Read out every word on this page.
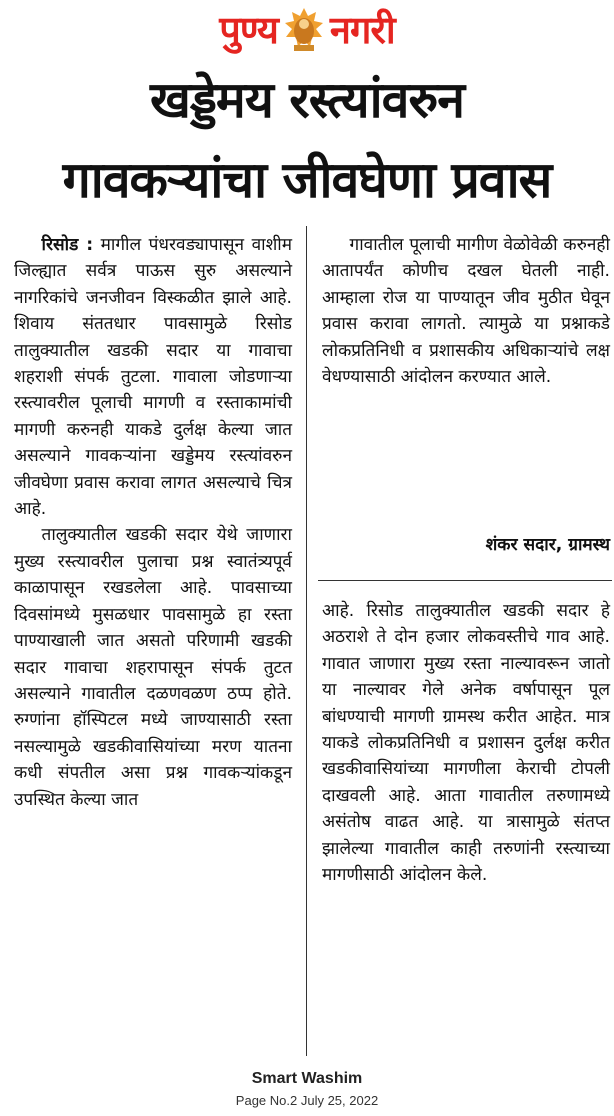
पुण्य नगरी
खड्डेमय रस्त्यांवरुन
गावकऱ्यांचा जीवघेणा प्रवास

रिसोड : मागील पंधरवड्यापासून वाशीम जिल्ह्यात सर्वत्र पाऊस सुरु असल्याने नागरिकांचे जनजीवन विस्कळीत झाले आहे. शिवाय संततधार पावसामुळे रिसोड तालुक्यातील खडकी सदार या गावाचा शहराशी संपर्क तुटला. गावाला जोडणाऱ्या रस्त्यावरील पूलाची मागणी व रस्ताकामांची मागणी करुनही याकडे दुर्लक्ष केल्या जात असल्याने गावकऱ्यांना खड्डेमय रस्त्यांवरुन जीवघेणा प्रवास करावा लागत असल्याचे चित्र आहे.

तालुक्यातील खडकी सदार येथे जाणारा मुख्य रस्त्यावरील पुलाचा प्रश्न स्वातंत्र्यपूर्व काळापासून रखडलेला आहे. पावसाच्या दिवसांमध्ये मुसळधार पावसामुळे हा रस्ता पाण्याखाली जात असतो परिणामी खडकी सदार गावाचा शहरापासून संपर्क तुटत असल्याने गावातील दळणवळण ठप्प होते. रुग्णांना हॉस्पिटल मध्ये जाण्यासाठी रस्ता नसल्यामुळे खडकीवासियांच्या मरण यातना कधी संपतील असा प्रश्न गावकऱ्यांकडून उपस्थित केल्या जात

गावातील पूलाची मागीण वेळोवेळी करुनही आतापर्यंत कोणीच दखल घेतली नाही. आम्हाला रोज या पाण्यातून जीव मुठीत घेवून प्रवास करावा लागतो. त्यामुळे या प्रश्नाकडे लोकप्रतिनिधी व प्रशासकीय अधिकाऱ्यांचे लक्ष वेधण्यासाठी आंदोलन करण्यात आले.

शंकर सदार, ग्रामस्थ

आहे. रिसोड तालुक्यातील खडकी सदार हे अठराशे ते दोन हजार लोकवस्तीचे गाव आहे. गावात जाणारा मुख्य रस्ता नाल्यावरून जातो या नाल्यावर गेले अनेक वर्षापासून पूल बांधण्याची मागणी ग्रामस्थ करीत आहेत. मात्र याकडे लोकप्रतिनिधी व प्रशासन दुर्लक्ष करीत खडकीवासियांच्या मागणीला केराची टोपली दाखवली आहे. आता गावातील तरुणामध्ये असंतोष वाढत आहे. या त्रासामुळे संतप्त झालेल्या गावातील काही तरुणांनी रस्त्याच्या मागणीसाठी आंदोलन केले.

Smart Washim
Page No.2 July 25, 2022
